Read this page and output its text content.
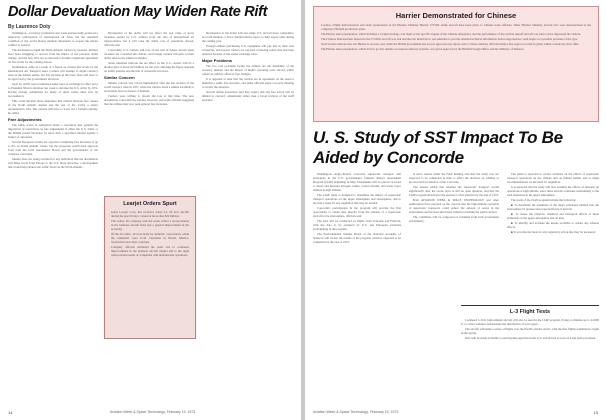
Dollar Devaluation May Widen Rate Rift
By Laurence Doty

Washington—Currency revaluation last week unexpectedly produced a temporary rediscussion of international air fares, but the unsettled condition of the world money markets threatened to reopen the airfare conflict at Geneva.

The devaluation caught the North Atlantic carriers by surprise. Airlines have been struggling to recover from the impact of the previous dollar change, and the new 10% cut is expected to further complicate agreement on fare levels for the coming season.

Stabilization came as a result of a freeze on current fare levels by the International Air Transport Assn. Carriers will attempt to adjust currency rates as the market settles, but any increase in the basic fares will have to be approved by the governments involved.

Such air tariffs were formulated under rates of exchange in effect prior to President Nixon's decision last week to devalue the U.S. dollar by 10%. Pricing already established for many of these routes must now be reconsidered.

This could threaten those disparities that existed between fare classes in the North Atlantic market and the rest of the world, a senior representative said. The carriers will have to work out a formula quickly, he added.

Fare Adjustments

The IATA action is authorized under a resolution that permits the imposition of restrictions on fare adjustments if either the U.S. dollar or the British pound fluctuates by more than a specified amount against a basket of currencies.

Several European carriers are reported considering fare increases of up to 6% on North Atlantic routes, but the proposals would need approval from both the Civil Aeronautics Board and the governments of the countries concerned.

Market fares are being watched for any indication that the devaluation will make travel from Europe to the U.S. more attractive, a development that would help balance the traffic flows on the North Atlantic.

Devaluation of the dollar will not affect the real value of gross revenues earned by U.S. airlines from the sale of international air transportation, but it will raise the dollar cost of operations abroad, officials said.

Conversely, U.S. carriers will lose on the sale of tickets abroad when revenues are converted into dollars, and foreign carriers will gain on their dollar sales in the American market.

Some estimates indicate the net effect on the U.S. carriers will be a modest gain of about $15 million for the year, although the figure depends on traffic patterns and the mix of currencies involved.

Similar Concern

Similar concern was voiced immediately after the last revision of the world currency rates in 1971, when the carriers faced a similar scramble to recalculate fares in dozens of markets.

Carriers were willing to absorb the loss at that time. The new devaluation could shift the burden, however, and some officials suggested that the airlines may now seek general fare increases.

Learjet Orders Spurt

Gates Learjet Corp. has received orders for 29 new aircraft during the past 60 days, valued at more than $32 million.

The orders, the company said last week, reflect a strong market in the business aircraft field and a general improvement in the economy.

Of the 29 orders, 19 were made by domestic corporations, while the remainder were from customers in Brazil, Mexico, Switzerland and other countries.

Company officials attributed the order rate to continued improvements in the business aircraft market and to the rapid transportation needs of companies with international operations.

Devaluation of the dollar will also make U.S. aircraft more competitive in world markets, a factor manufacturers expect to help export sales during the coming year.

Foreign airlines purchasing U.S. equipment will pay less in their own currencies, and several carriers are reported reviewing orders that had been deferred because of the earlier exchange rates.

Major Problems

The two real problems facing the airlines are the instability of the currency markets and the impact of higher operating costs abroad, which cannot be quickly offset by fare changes.

It is apparent at least that the carriers are in agreement on the need to maintain a stable fare structure, and IATA officials expect an early meeting to review the situation.

Several airline executives said they expect that any fare action will be limited to currency adjustments rather than a broad revision of the tariff structure.

14	Aviation Week & Space Technology, February 19, 1973
Harrier Demonstrated for Chinese

London—Flight demonstration and static presentation of the Hawker Siddeley Harrier V/STOL strike aircraft have been given to Chinese trade officials. Other Hawker Siddeley aircraft also were demonstrated at the company's Hatfield production plant.

The Harrier sales presentation, which included a cockpit mockup, was made at the specific request of the Chinese delegation, and the performance of the vertical takeoff aircraft was said to have impressed the visitors.

The Chinese indicated that interest in the V/STOL aircraft was real and that the initial show was intended to provide detailed technical information before negotiations could begin on a possible purchase of the type.

Sources here indicate that one Harrier is on loan, and, while the British government has not yet approved any export sale to China, industry officials believe that approval could be given within a relatively short time.

The Harrier sales presentation, which did not go into details on weapons delivery systems, was given approval by the British Foreign Office and the Ministry of Defence.

U. S. Study of SST Impact To Be Aided by Concorde

Washington—Anglo-French Concorde supersonic transport will participate in the U.S. government's Climatic Impact Assessment Program (CIAP) beginning in May. Instruments will be placed on board to detect and measure nitrogen oxides, carbon dioxide, and water vapor emitted at high altitude.

The CIAP study is designed to determine the impact of supersonic transport operations on the upper atmosphere and stratosphere, and to provide a basis for any regulation that may be needed.

Concorde's participation in the program will provide the first opportunity to obtain data directly from the exhaust of a supersonic aircraft in the stratosphere, officials said.

The tests will be conducted on flights from Toulouse and Fairford, with the data to be analyzed by U.S. and European scientists participating in the program.

The Environmental Studies Board of the National Academy of Sciences will review the results of the program, which is expected to be completed by the end of 1974.

A news release under the NAS heading said that the study was not expected to be completed in time to affect the decision on whether to proceed with production of the Concorde.

The release added that whether the supersonic transport would significantly alter the ozone layer is still an open question, and that the CIAP program should provide answers to this question by the end of 1974.

Both AVIATION WEEK & SPACE TECHNOLOGY and other publications have reported on the concern that the high-altitude operation of supersonic transports could reduce the amount of ozone in the stratosphere and increase ultraviolet radiation reaching the earth's surface.

The committee will be composed of scientists from both government and industry.

L-3 Flight Tests

Lockheed L-1011 high-altitude aircraft will also be used in the CIAP program, flying at altitudes up to 42,000 ft. to collect samples and measure the distribution of trace gases.

The aircraft will make a series of flights over the Pacific and the Arctic, with the first flights scheduled to begin in the spring.

Data will be made available to participating agencies in the U.S. and abroad as soon as it has been processed.

The panel is expected to review evidence on the effects of supersonic transport operations on the climate and on human health, and to make recommendations on the need for regulation.

It is expected that the study will also examine the effects of subsonic jet operations at high altitude, since these aircraft contribute substantially to the total emissions in the upper atmosphere.

The goals of the CIAP program include the following:

■ To determine the quantities of the major pollutants emitted into the stratosphere by present and projected fleets of aircraft.

■ To assess the physical, chemical and biological effects of these pollutants on the upper atmosphere and on man.

■ To identify and evaluate the means available to reduce any adverse effects.

■ To provide the basis for any regulatory action that may be necessary.

Aviation Week & Space Technology, February 19, 1973	15
